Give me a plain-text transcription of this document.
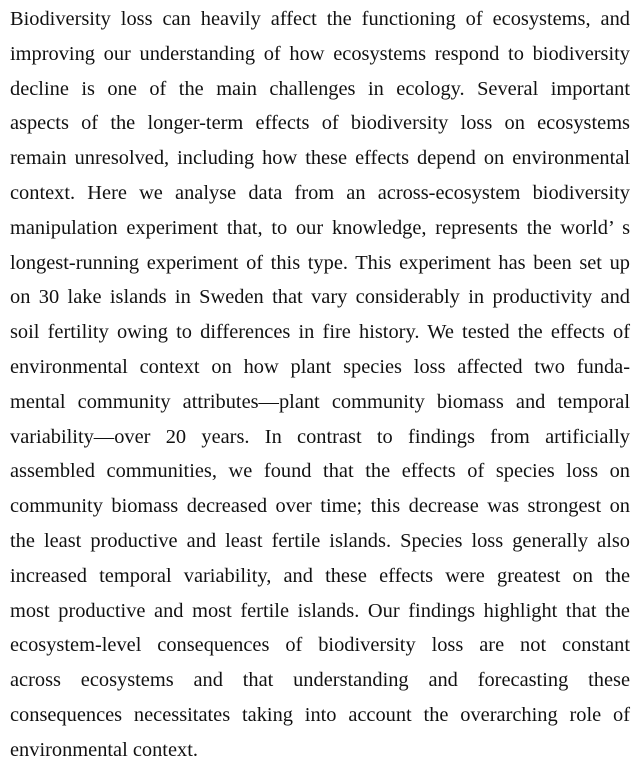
Biodiversity loss can heavily affect the functioning of ecosystems, and
improving our understanding of how ecosystems respond to biodiversity
decline is one of the main challenges in ecology. Several important
aspects of the longer-term effects of biodiversity loss on ecosystems
remain unresolved, including how these effects depend on environmental
context. Here we analyse data from an across-ecosystem biodiversity
manipulation experiment that, to our knowledge, represents the world’ s
longest-running experiment of this type. This experiment has been set up
on 30 lake islands in Sweden that vary considerably in productivity and
soil fertility owing to differences in fire history. We tested the effects of
environmental context on how plant species loss affected two funda-
mental community attributes—plant community biomass and temporal
variability—over 20 years. In contrast to findings from artificially
assembled communities, we found that the effects of species loss on
community biomass decreased over time; this decrease was strongest on
the least productive and least fertile islands. Species loss generally also
increased temporal variability, and these effects were greatest on the
most productive and most fertile islands. Our findings highlight that the
ecosystem-level consequences of biodiversity loss are not constant
across ecosystems and that understanding and forecasting these
consequences necessitates taking into account the overarching role of
environmental context.
